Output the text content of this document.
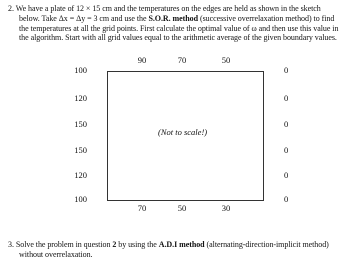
2. We have a plate of 12 × 15 cm and the temperatures on the edges are held as shown in the sketch
below. Take Δx = Δy = 3 cm and use the S.O.R. method (successive overrelaxation method) to find
the temperatures at all the grid points. First calculate the optimal value of ω and then use this value in
the algorithm. Start with all grid values equal to the arithmetic average of the given boundary values.
90	70	50
70	50	30
100
120
150
150
120
100
0
0
0
0
0
0
(Not to scale!)
3. Solve the problem in question 2 by using the A.D.I method (alternating-direction-implicit method)
without overrelaxation.
